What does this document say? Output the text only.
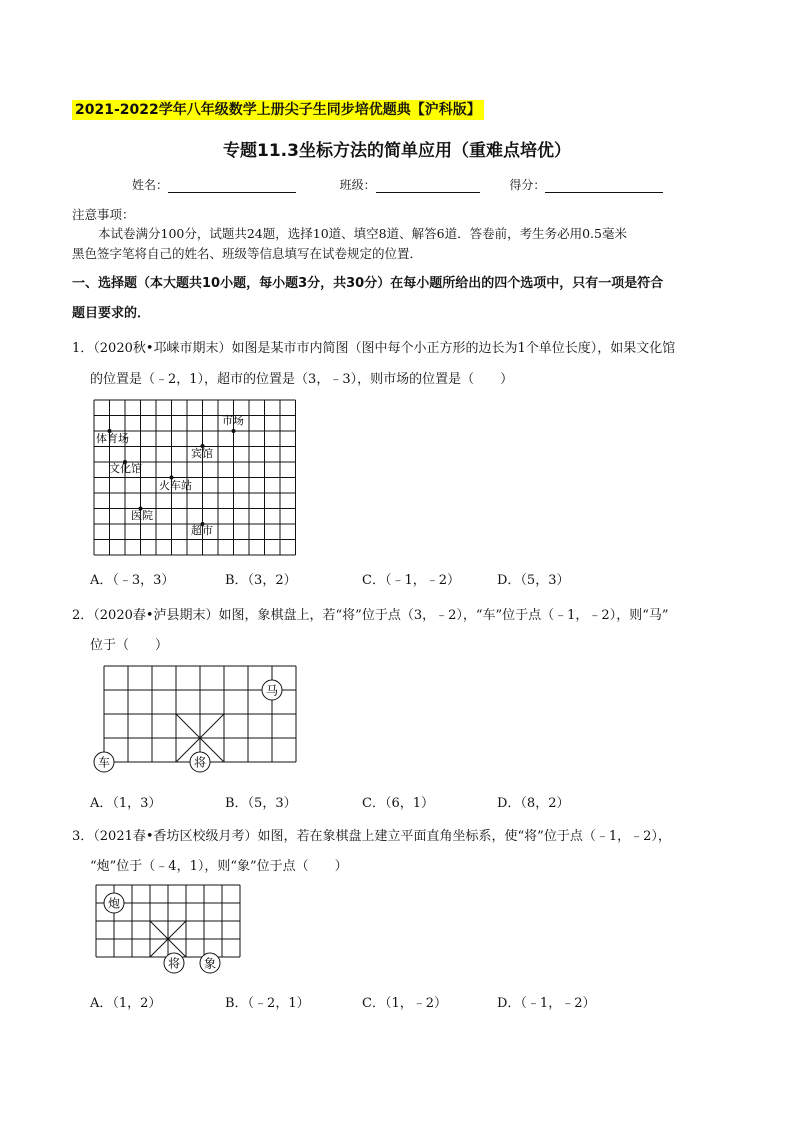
2021-2022学年八年级数学上册尖子生同步培优题典【沪科版】
专题11.3坐标方法的简单应用（重难点培优）
姓名：	班级：	得分：
注意事项：
本试卷满分100分，试题共24题，选择10道、填空8道、解答6道．答卷前，考生务必用0.5毫米
黑色签字笔将自己的姓名、班级等信息填写在试卷规定的位置．
一、选择题（本大题共10小题，每小题3分，共30分）在每小题所给出的四个选项中，只有一项是符合
题目要求的．
1．（2020秋•邛崃市期末）如图是某市市内简图（图中每个小正方形的边长为1个单位长度），如果文化馆
的位置是（﹣2，1），超市的位置是（3，﹣3），则市场的位置是（　　）
体育场
市场
宾馆
文化馆
火车站
医院
超市
A．（﹣3，3）	B．（3，2）	C．（﹣1，﹣2）	D．（5，3）
2．（2020春•泸县期末）如图，象棋盘上，若“将”位于点（3，﹣2），“车”位于点（﹣1，﹣2），则“马”
位于（　　）
马
车	将
A．（1，3）	B．（5，3）	C．（6，1）	D．（8，2）
3．（2021春•香坊区校级月考）如图，若在象棋盘上建立平面直角坐标系，使“将”位于点（﹣1，﹣2），
“炮”位于（﹣4，1），则“象”位于点（　　）
炮
将 象
A．（1，2）	B．（﹣2，1）	C．（1，﹣2）	D．（﹣1，﹣2）
